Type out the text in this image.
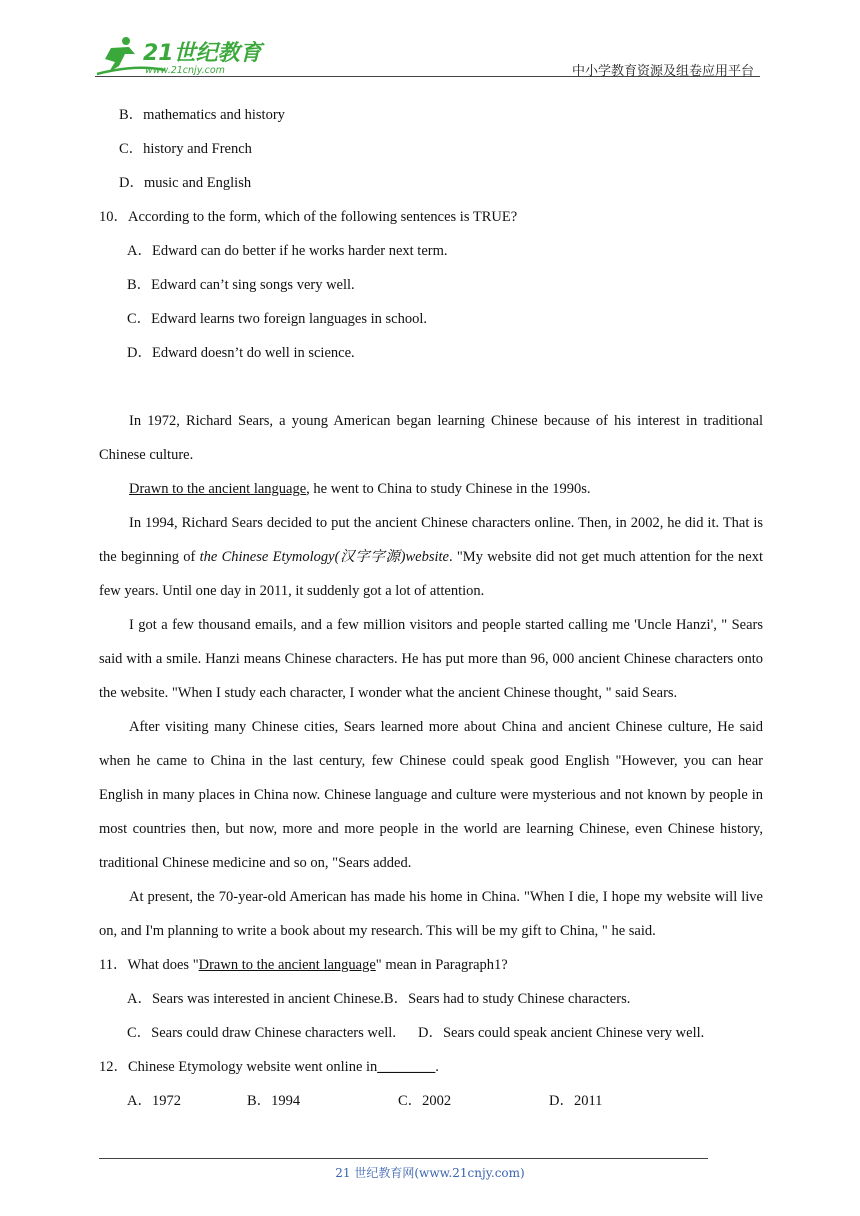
21世纪教育
www.21cnjy.com	中小学教育资源及组卷应用平台
B．mathematics and history
C．history and French
D．music and English
10．According to the form, which of the following sentences is TRUE?
A．Edward can do better if he works harder next term.
B．Edward can’t sing songs very well.
C．Edward learns two foreign languages in school.
D．Edward doesn’t do well in science.

In 1972, Richard Sears, a young American began learning Chinese because of his interest in traditional Chinese culture.

Drawn to the ancient language, he went to China to study Chinese in the 1990s.

In 1994, Richard Sears decided to put the ancient Chinese characters online. Then, in 2002, he did it. That is the beginning of the Chinese Etymology(汉字字源)website. "My website did not get much attention for the next few years. Until one day in 2011, it suddenly got a lot of attention.

I got a few thousand emails, and a few million visitors and people started calling me 'Uncle Hanzi', " Sears said with a smile. Hanzi means Chinese characters. He has put more than 96, 000 ancient Chinese characters onto the website. "When I study each character, I wonder what the ancient Chinese thought, " said Sears.

After visiting many Chinese cities, Sears learned more about China and ancient Chinese culture, He said when he came to China in the last century, few Chinese could speak good English "However, you can hear English in many places in China now. Chinese language and culture were mysterious and not known by people in most countries then, but now, more and more people in the world are learning Chinese, even Chinese history, traditional Chinese medicine and so on, "Sears added.

At present, the 70-year-old American has made his home in China. "When I die, I hope my website will live on, and I'm planning to write a book about my research. This will be my gift to China, " he said.

11．What does "Drawn to the ancient language" mean in Paragraph1?
A．Sears was interested in ancient Chinese.B．Sears had to study Chinese characters.
C．Sears could draw Chinese characters well. D．Sears could speak ancient Chinese very well.
12．Chinese Etymology website went online in________.
A．1972	B．1994	C．2002	D．2011
21 世纪教育网(www.21cnjy.com)
